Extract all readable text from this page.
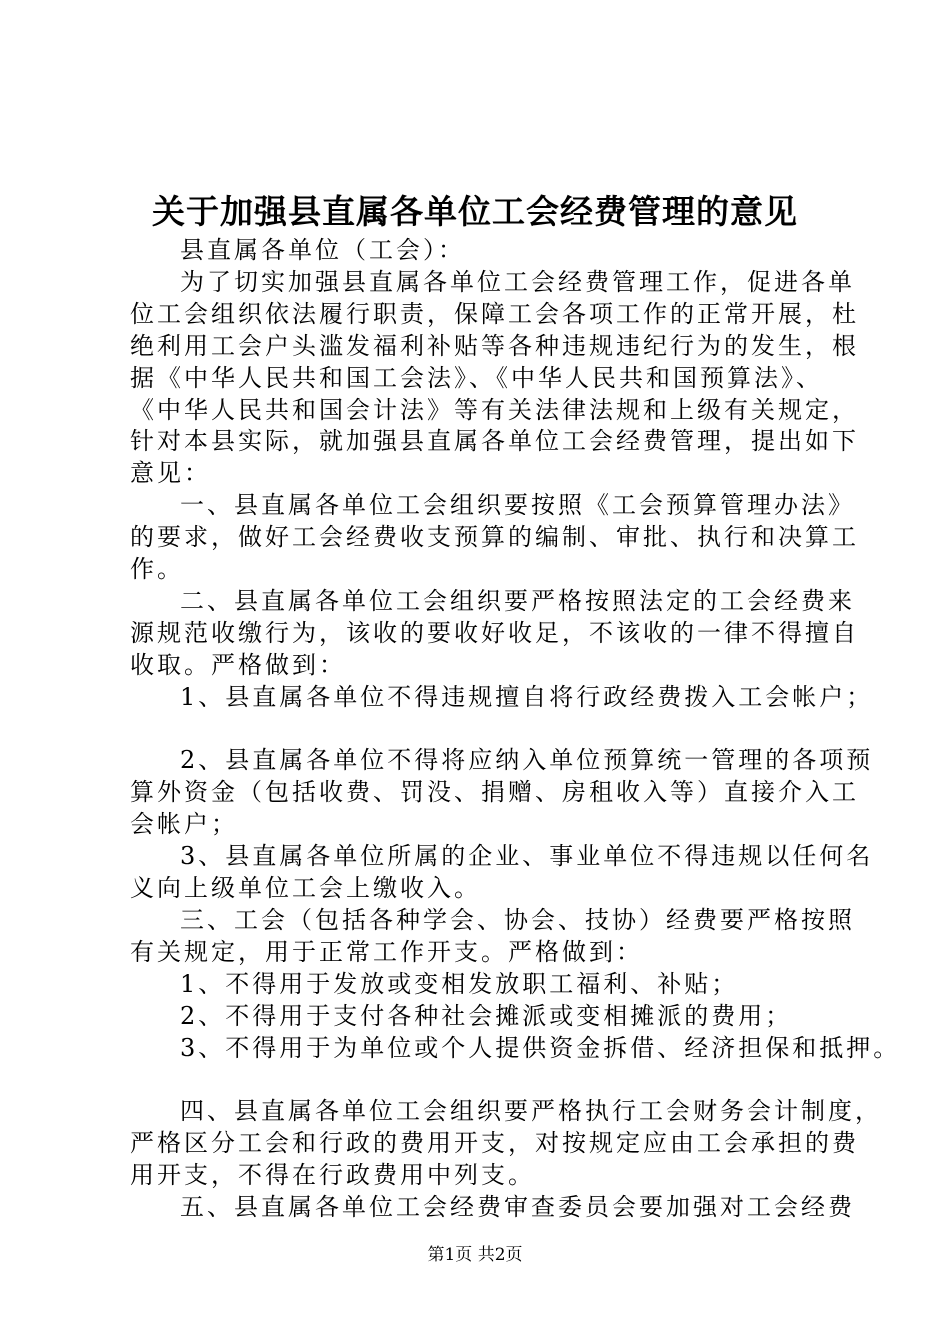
关于加强县直属各单位工会经费管理的意见
县直属各单位（工会）：
为了切实加强县直属各单位工会经费管理工作，促进各单
位工会组织依法履行职责，保障工会各项工作的正常开展，杜
绝利用工会户头滥发福利补贴等各种违规违纪行为的发生，根
据《中华人民共和国工会法》、《中华人民共和国预算法》、
《中华人民共和国会计法》等有关法律法规和上级有关规定，
针对本县实际，就加强县直属各单位工会经费管理，提出如下
意见：
一、县直属各单位工会组织要按照《工会预算管理办法》
的要求，做好工会经费收支预算的编制、审批、执行和决算工
作。
二、县直属各单位工会组织要严格按照法定的工会经费来
源规范收缴行为，该收的要收好收足，不该收的一律不得擅自
收取。严格做到：
1、县直属各单位不得违规擅自将行政经费拨入工会帐户；
2、县直属各单位不得将应纳入单位预算统一管理的各项预
算外资金（包括收费、罚没、捐赠、房租收入等）直接介入工
会帐户；
3、县直属各单位所属的企业、事业单位不得违规以任何名
义向上级单位工会上缴收入。
三、工会（包括各种学会、协会、技协）经费要严格按照
有关规定，用于正常工作开支。严格做到：
1、不得用于发放或变相发放职工福利、补贴；
2、不得用于支付各种社会摊派或变相摊派的费用；
3、不得用于为单位或个人提供资金拆借、经济担保和抵押。
四、县直属各单位工会组织要严格执行工会财务会计制度，
严格区分工会和行政的费用开支，对按规定应由工会承担的费
用开支，不得在行政费用中列支。
五、县直属各单位工会经费审查委员会要加强对工会经费
第1页 共2页
